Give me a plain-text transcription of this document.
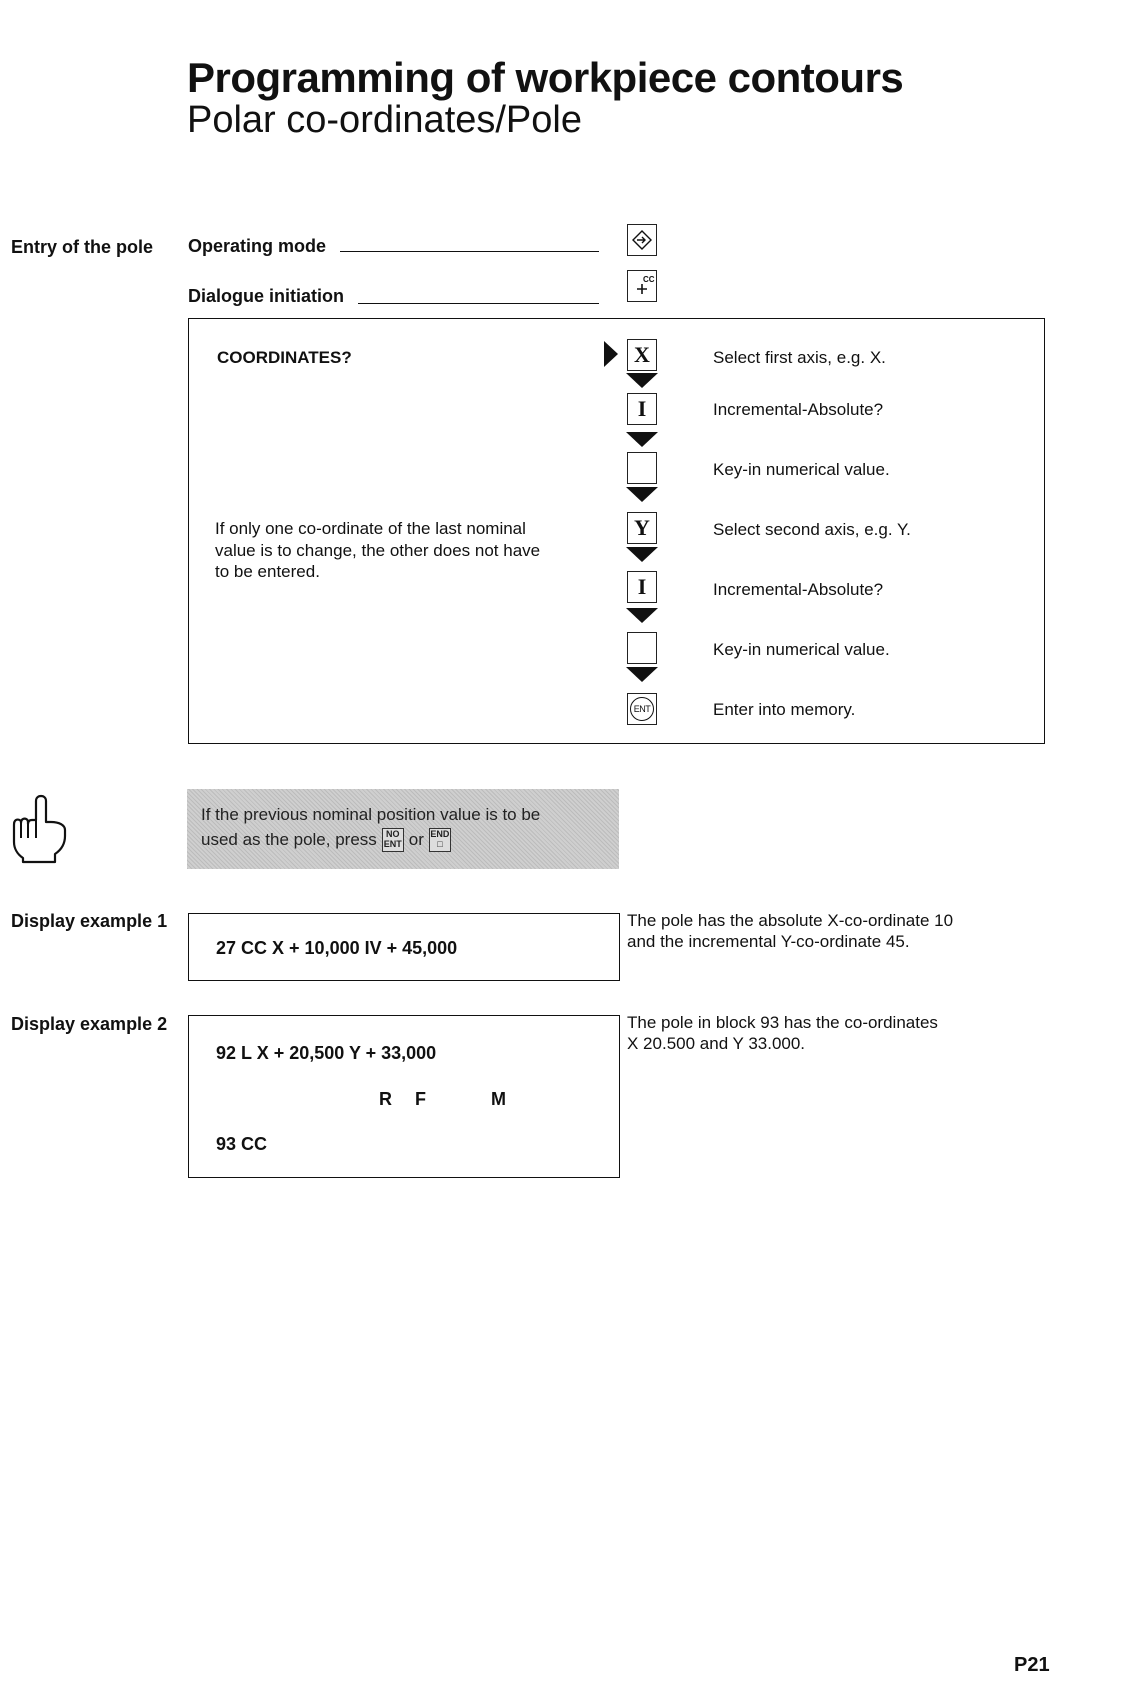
Programming of workpiece contours
Polar co-ordinates/Pole
Entry of the pole	Operating mode
Dialogue initiation
CC
COORDINATES?
If only one co-ordinate of the last nominal value is to change, the other does not have to be entered.
X	Select first axis, e.g. X.
I	Incremental-Absolute?
Key-in numerical value.
Y	Select second axis, e.g. Y.
I	Incremental-Absolute?
Key-in numerical value.
ENT	Enter into memory.
If the previous nominal position value is to be
used as the pole, press	NO
ENT or END
□
Display example 1
27 CC X + 10,000 IV + 45,000
The pole has the absolute X-co-ordinate 10
and the incremental Y-co-ordinate 45.
Display example 2
92 L X + 20,500 Y + 33,000
R F	M
93 CC
The pole in block 93 has the co-ordinates
X 20.500 and Y 33.000.
P21
